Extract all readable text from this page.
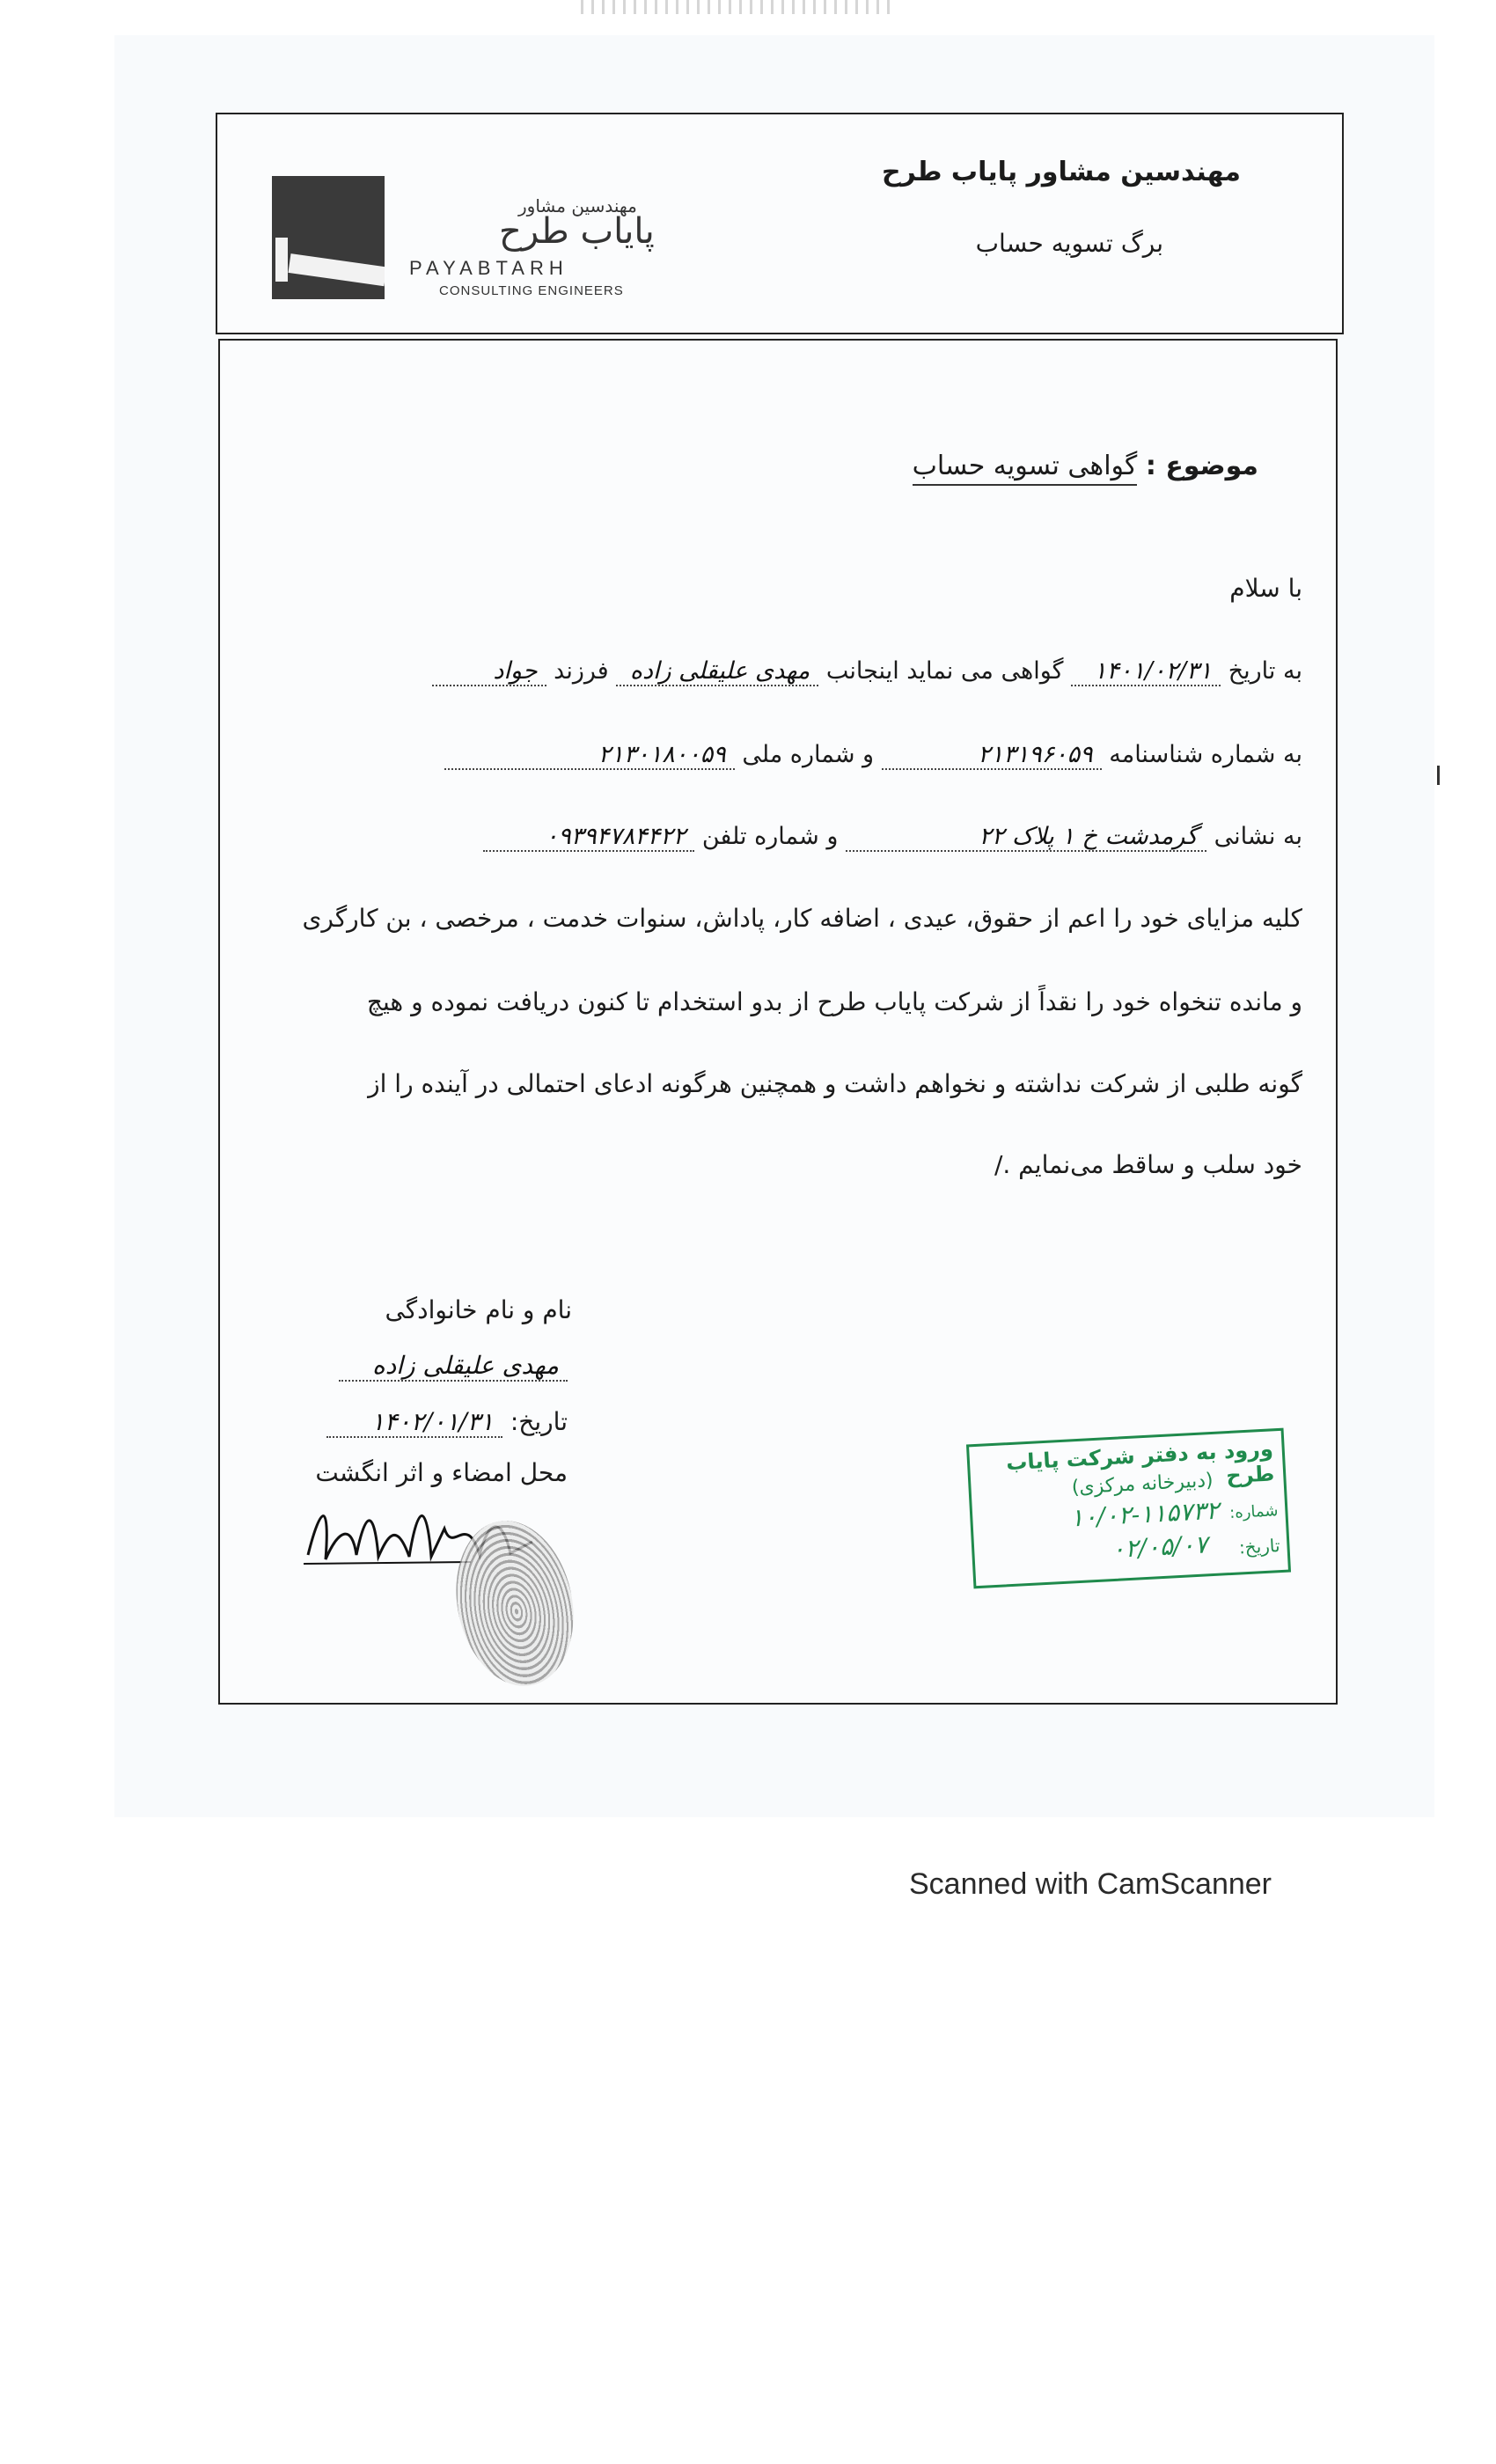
مهندسین مشاور
پایاب طرح
PAYABTARH
CONSULTING ENGINEERS
مهندسین مشاور پایاب طرح
برگ تسویه حساب
موضوع : گواهی تسویه حساب
با سلام
به تاریخ ۱۴۰۱/۰۲/۳۱ گواهی می نماید اینجانب مهدی علیقلی زاده فرزند جواد
به شماره شناسنامه ۲۱۳۱۹۶۰۵۹ و شماره ملی ۲۱۳۰۱۸۰۰۵۹
به نشانی گرمدشت خ ۱ پلاک ۲۲ و شماره تلفن ۰۹۳۹۴۷۸۴۴۲۲
کلیه مزایای خود را اعم از حقوق، عیدی ، اضافه کار، پاداش، سنوات خدمت ، مرخصی ، بن کارگری
و مانده تنخواه خود را نقداً از شرکت پایاب طرح از بدو استخدام تا کنون دریافت نموده و هیچ
گونه طلبی از شرکت نداشته و نخواهم داشت و همچنین هرگونه ادعای احتمالی در آینده را از
خود سلب و ساقط می‌نمایم ./
نام و نام خانوادگی
مهدی علیقلی زاده
تاریخ: ۱۴۰۲/۰۱/۳۱
محل امضاء و اثر انگشت	ورود به دفتر شرکت پایاب طرح
(دبیرخانه مرکزی)
شماره:
۱۰/۰۲-۱۱۵۷۳۲
تاریخ:
۰۲/۰۵/۰۷
Scanned with CamScanner
